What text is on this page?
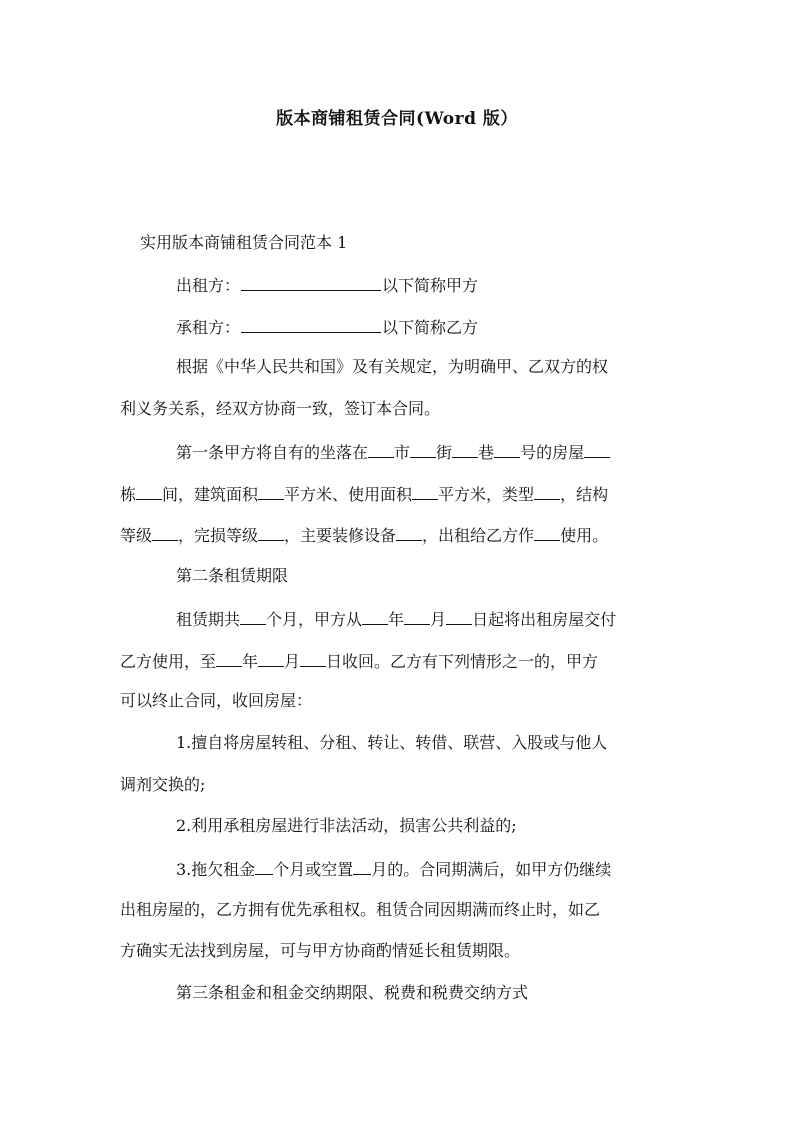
版本商铺租赁合同(Word 版）
实用版本商铺租赁合同范本 1
出租方：	以下简称甲方
承租方：	以下简称乙方
根据《中华人民共和国》及有关规定，为明确甲、乙双方的权
利义务关系，经双方协商一致，签订本合同。
第一条甲方将自有的坐落在 市 街 巷 号的房屋
栋 间，建筑面积 平方米、使用面积 平方米，类型 ，结构
等级 ，完损等级 ，主要装修设备 ，出租给乙方作 使用。
第二条租赁期限
租赁期共 个月，甲方从 年 月 日起将出租房屋交付
乙方使用，至 年 月 日收回。乙方有下列情形之一的，甲方
可以终止合同，收回房屋：
1.擅自将房屋转租、分租、转让、转借、联营、入股或与他人
调剂交换的;
2.利用承租房屋进行非法活动，损害公共利益的;
3.拖欠租金 个月或空置 月的。合同期满后，如甲方仍继续
出租房屋的，乙方拥有优先承租权。租赁合同因期满而终止时，如乙
方确实无法找到房屋，可与甲方协商酌情延长租赁期限。
第三条租金和租金交纳期限、税费和税费交纳方式
